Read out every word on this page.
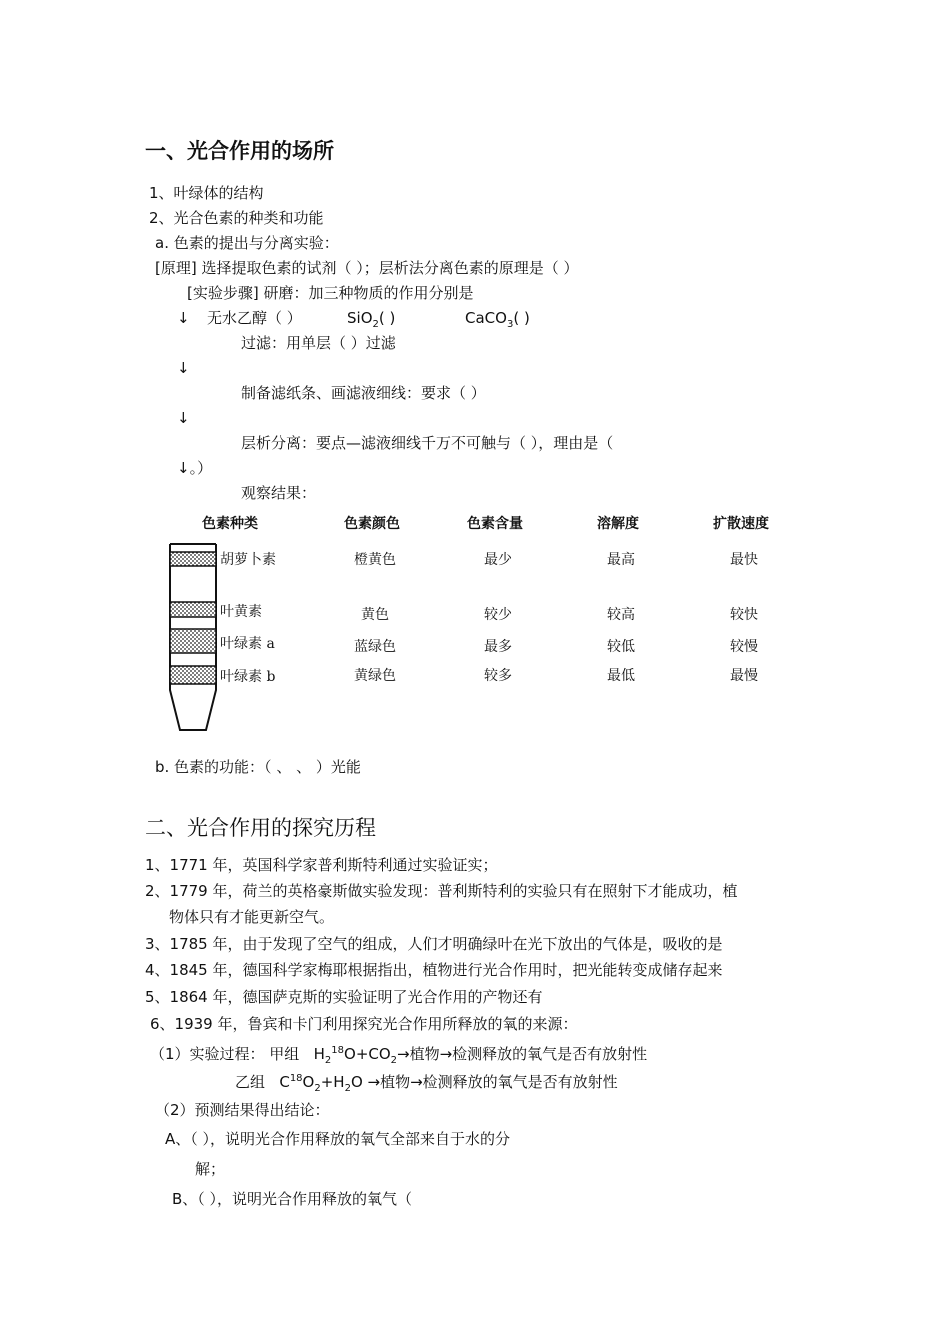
一、光合作用的场所
1、叶绿体的结构
2、光合色素的种类和功能
a. 色素的提出与分离实验：
[原理] 选择提取色素的试剂（ ）；层析法分离色素的原理是（ ）
[实验步骤] 研磨：加三种物质的作用分别是
↓ 无水乙醇（ ）	SiO$_2$( )	CaCO$_3$( )
过滤：用单层（ ）过滤
↓
制备滤纸条、画滤液细线：要求（ ）
↓
层析分离：要点—滤液细线千万不可触与（ ），理由是（
↓。）
观察结果：
色素种类	色素颜色	色素含量	溶解度	扩散速度
胡萝卜素	橙黄色	最少	最高	最快
叶黄素	黄色	较少	较高	较快
叶绿素 a	蓝绿色	最多	较低	较慢
叶绿素 b	黄绿色	较多	最低	最慢
b. 色素的功能：（ 、 、 ）光能
二、光合作用的探究历程
1、1771 年，英国科学家普利斯特利通过实验证实；
2、1779 年，荷兰的英格豪斯做实验发现：普利斯特利的实验只有在照射下才能成功，植
物体只有才能更新空气。
3、1785 年，由于发现了空气的组成，人们才明确绿叶在光下放出的气体是，吸收的是
4、1845 年，德国科学家梅耶根据指出，植物进行光合作用时，把光能转变成储存起来
5、1864 年，德国萨克斯的实验证明了光合作用的产物还有
6、1939 年，鲁宾和卡门利用探究光合作用所释放的氧的来源：
（1）实验过程： 甲组 $H_2^{18}O+CO_2\to$植物→检测释放的氧气是否有放射性
乙组 $C^{18}O_2+H_2O$ →植物→检测释放的氧气是否有放射性
（2）预测结果得出结论：
A、（ ），说明光合作用释放的氧气全部来自于水的分
解；
B、（ ），说明光合作用释放的氧气（
